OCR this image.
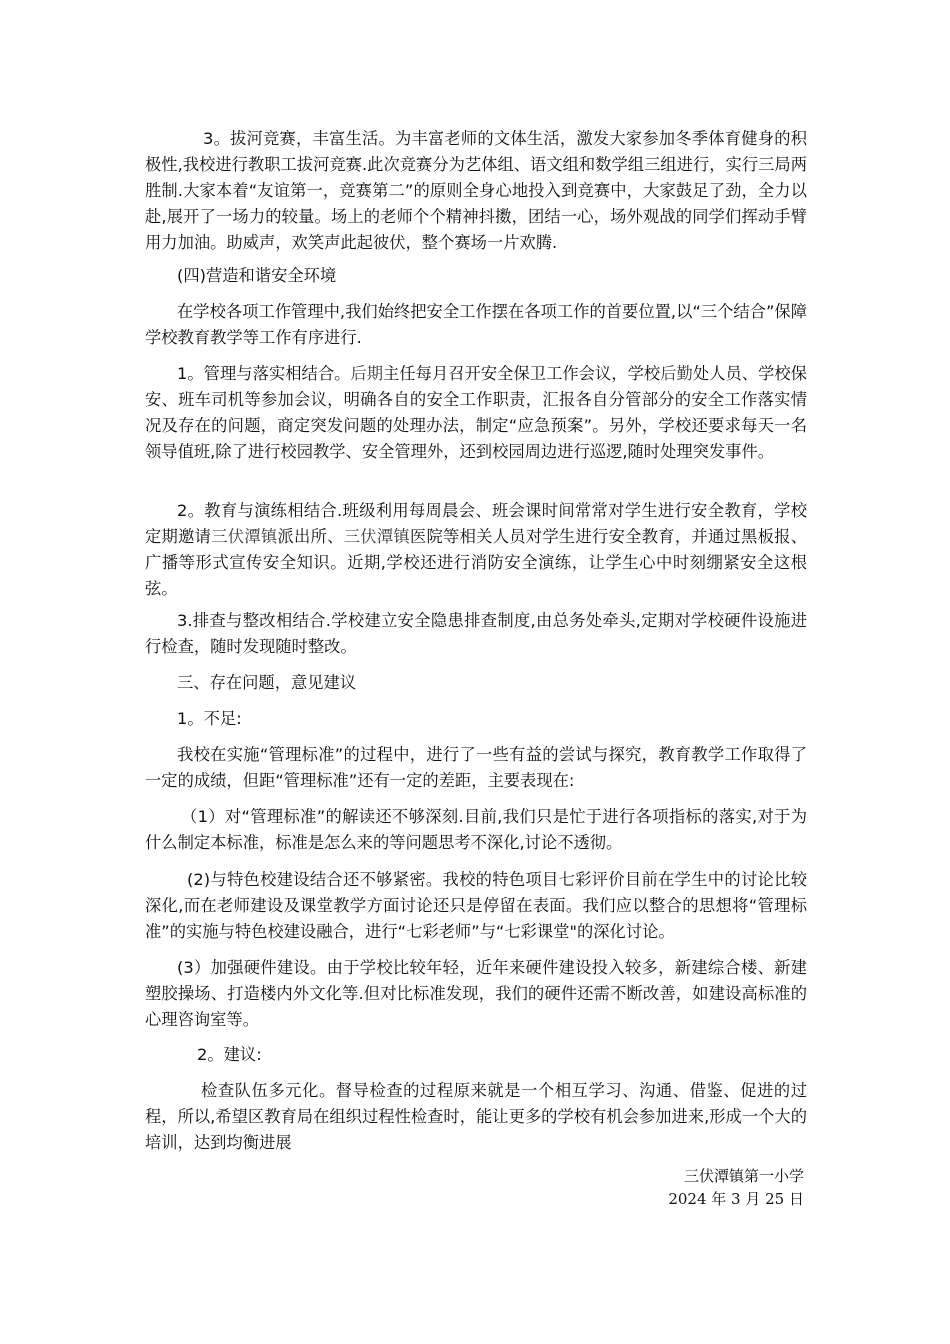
3。拔河竞赛，丰富生活。为丰富老师的文体生活，激发大家参加冬季体育健身的积极性,我校进行教职工拔河竞赛.此次竞赛分为艺体组、语文组和数学组三组进行，实行三局两胜制.大家本着“友谊第一，竞赛第二”的原则全身心地投入到竞赛中，大家鼓足了劲，全力以赴,展开了一场力的较量。场上的老师个个精神抖擞，团结一心，场外观战的同学们挥动手臂用力加油。助威声，欢笑声此起彼伏，整个赛场一片欢腾.

(四)营造和谐安全环境

在学校各项工作管理中,我们始终把安全工作摆在各项工作的首要位置,以“三个结合”保障学校教育教学等工作有序进行.

1。管理与落实相结合。后期主任每月召开安全保卫工作会议，学校后勤处人员、学校保安、班车司机等参加会议，明确各自的安全工作职责，汇报各自分管部分的安全工作落实情况及存在的问题，商定突发问题的处理办法，制定“应急预案”。另外，学校还要求每天一名领导值班,除了进行校园教学、安全管理外，还到校园周边进行巡逻,随时处理突发事件。

2。教育与演练相结合.班级利用每周晨会、班会课时间常常对学生进行安全教育，学校定期邀请三伏潭镇派出所、三伏潭镇医院等相关人员对学生进行安全教育，并通过黑板报、广播等形式宣传安全知识。近期,学校还进行消防安全演练，让学生心中时刻绷紧安全这根弦。

3.排查与整改相结合.学校建立安全隐患排查制度,由总务处牵头,定期对学校硬件设施进行检查，随时发现随时整改。

三、存在问题，意见建议

1。不足:

我校在实施“管理标准”的过程中，进行了一些有益的尝试与探究，教育教学工作取得了一定的成绩，但距“管理标准”还有一定的差距，主要表现在:

（1）对“管理标准”的解读还不够深刻.目前,我们只是忙于进行各项指标的落实,对于为什么制定本标准，标准是怎么来的等问题思考不深化,讨论不透彻。

(2)与特色校建设结合还不够紧密。我校的特色项目七彩评价目前在学生中的讨论比较深化,而在老师建设及课堂教学方面讨论还只是停留在表面。我们应以整合的思想将“管理标准”的实施与特色校建设融合，进行“七彩老师”与“七彩课堂"的深化讨论。

(3）加强硬件建设。由于学校比较年轻，近年来硬件建设投入较多，新建综合楼、新建塑胶操场、打造楼内外文化等.但对比标准发现，我们的硬件还需不断改善，如建设高标准的心理咨询室等。

2。建议:

检查队伍多元化。督导检查的过程原来就是一个相互学习、沟通、借鉴、促进的过程，所以,希望区教育局在组织过程性检查时，能让更多的学校有机会参加进来,形成一个大的培训，达到均衡进展

三伏潭镇第一小学
2024 年 3 月 25 日
